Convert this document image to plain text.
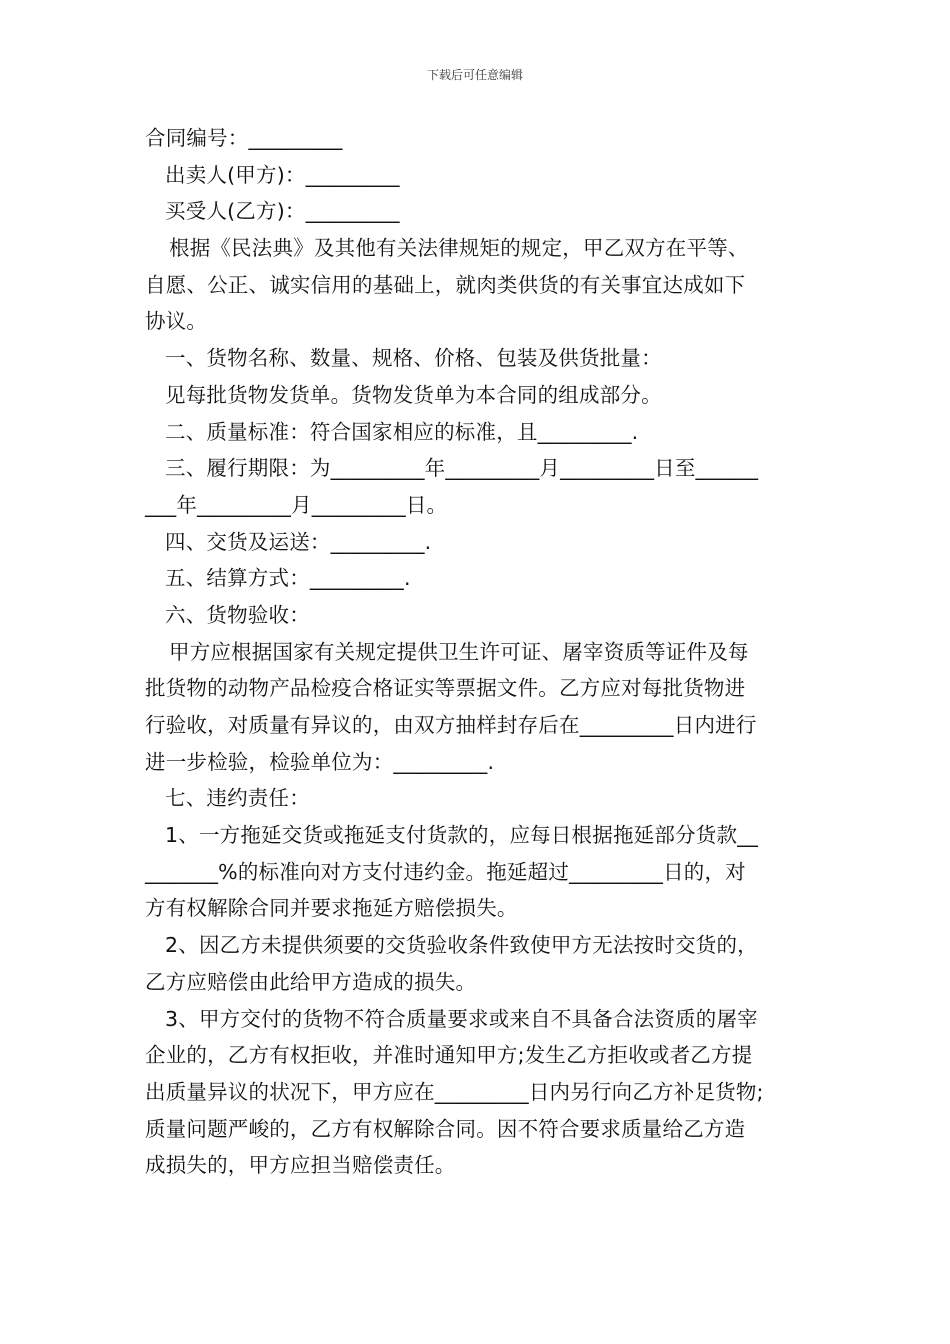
下载后可任意编辑
合同编号：_________
出卖人(甲方)：_________
买受人(乙方)：_________
根据《民法典》及其他有关法律规矩的规定，甲乙双方在平等、
自愿、公正、诚实信用的基础上，就肉类供货的有关事宜达成如下
协议。
一、货物名称、数量、规格、价格、包装及供货批量：
见每批货物发货单。货物发货单为本合同的组成部分。
二、质量标准：符合国家相应的标准，且_________.
三、履行期限：为_________年_________月_________日至______
___年_________月_________日。
四、交货及运送：_________.
五、结算方式：_________.
六、货物验收：
甲方应根据国家有关规定提供卫生许可证、屠宰资质等证件及每
批货物的动物产品检疫合格证实等票据文件。乙方应对每批货物进
行验收，对质量有异议的，由双方抽样封存后在_________日内进行
进一步检验，检验单位为：_________.
七、违约责任：
1、一方拖延交货或拖延支付货款的，应每日根据拖延部分货款__
_______%的标准向对方支付违约金。拖延超过_________日的，对
方有权解除合同并要求拖延方赔偿损失。
2、因乙方未提供须要的交货验收条件致使甲方无法按时交货的，
乙方应赔偿由此给甲方造成的损失。
3、甲方交付的货物不符合质量要求或来自不具备合法资质的屠宰
企业的，乙方有权拒收，并准时通知甲方;发生乙方拒收或者乙方提
出质量异议的状况下，甲方应在_________日内另行向乙方补足货物;
质量问题严峻的，乙方有权解除合同。因不符合要求质量给乙方造
成损失的，甲方应担当赔偿责任。
